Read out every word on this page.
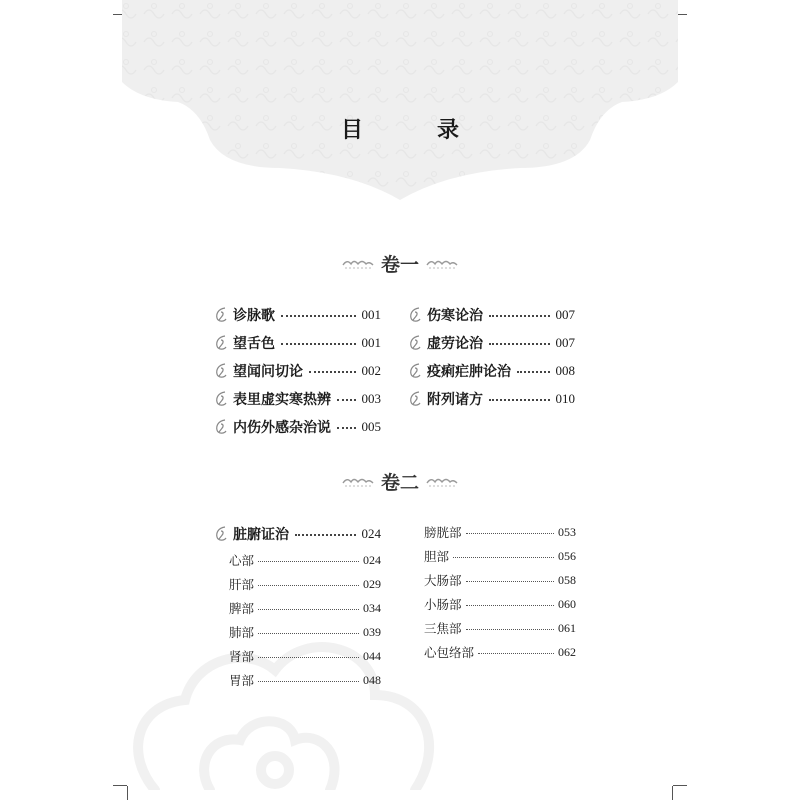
目　录
卷一
诊脉歌	001
望舌色	001
望闻问切论	002
表里虚实寒热辨 003
内伤外感杂治说 005
伤寒论治	007
虚劳论治	007
疫痢疟肿论治	008
附列诸方	010
卷二
脏腑证治	024
心部	024
肝部	029
脾部	034
肺部	039
肾部	044
胃部	048
膀胱部	053
胆部	056
大肠部	058
小肠部	060
三焦部	061
心包络部	062
